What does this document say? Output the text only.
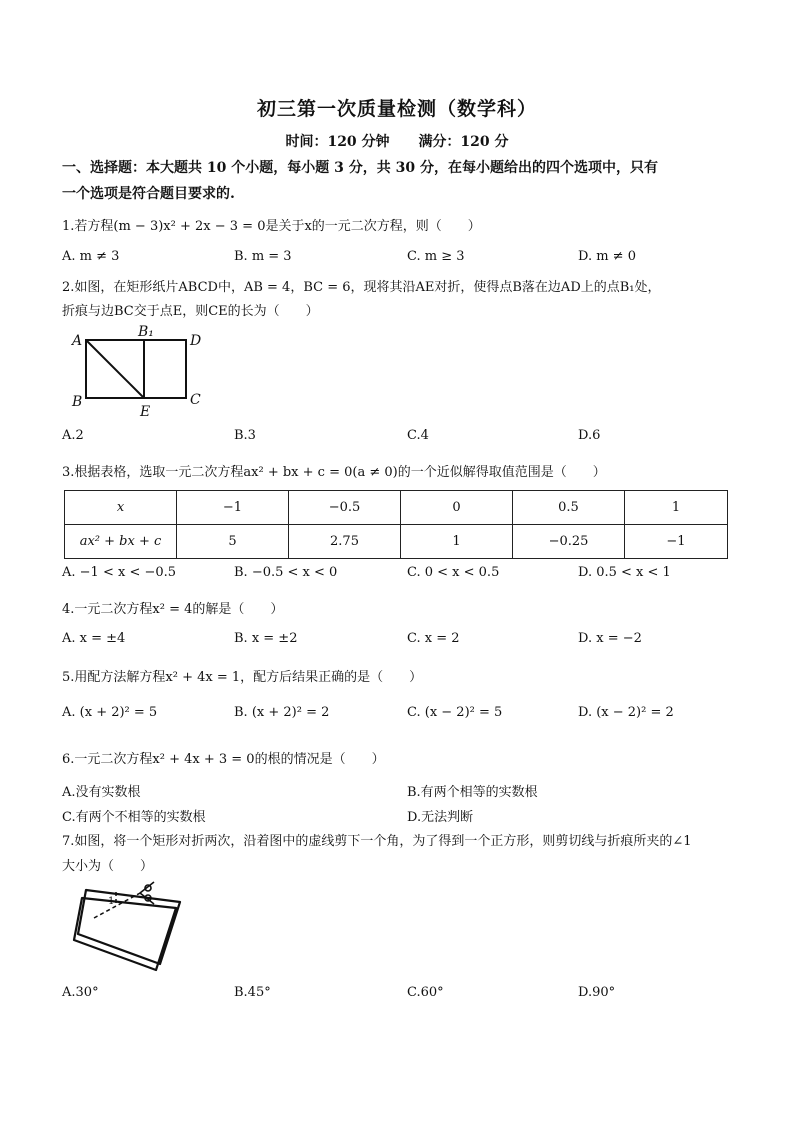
初三第一次质量检测（数学科）
时间：120 分钟 满分：120 分
一、选择题：本大题共 10 个小题，每小题 3 分，共 30 分，在每小题给出的四个选项中，只有
一个选项是符合题目要求的.
1.若方程(m − 3)x² + 2x − 3 = 0是关于x的一元二次方程，则（　　）
A. m ≠ 3	B. m = 3	C. m ≥ 3	D. m ≠ 0
2.如图，在矩形纸片ABCD中，AB = 4，BC = 6，现将其沿AE对折，使得点B落在边AD上的点B₁处，
折痕与边BC交于点E，则CE的长为（　　）
A
B₁
D
B
E
C
A.2	B.3	C.4	D.6
3.根据表格，选取一元二次方程ax² + bx + c = 0(a ≠ 0)的一个近似解得取值范围是（　　）
x	−1	−0.5	0	0.5	1
ax² + bx + c	5	2.75	1	−0.25	−1
A. −1 < x < −0.5	B. −0.5 < x < 0	C. 0 < x < 0.5	D. 0.5 < x < 1
4.一元二次方程x² = 4的解是（　　）
A. x = ±4	B. x = ±2	C. x = 2	D. x = −2
5.用配方法解方程x² + 4x = 1，配方后结果正确的是（　　）
A. (x + 2)² = 5	B. (x + 2)² = 2	C. (x − 2)² = 5	D. (x − 2)² = 2
6.一元二次方程x² + 4x + 3 = 0的根的情况是（　　）
A.没有实数根	B.有两个相等的实数根
C.有两个不相等的实数根	D.无法判断
7.如图，将一个矩形对折两次，沿着图中的虚线剪下一个角，为了得到一个正方形，则剪切线与折痕所夹的∠1
大小为（　　）
1
A.30°	B.45°	C.60°	D.90°
